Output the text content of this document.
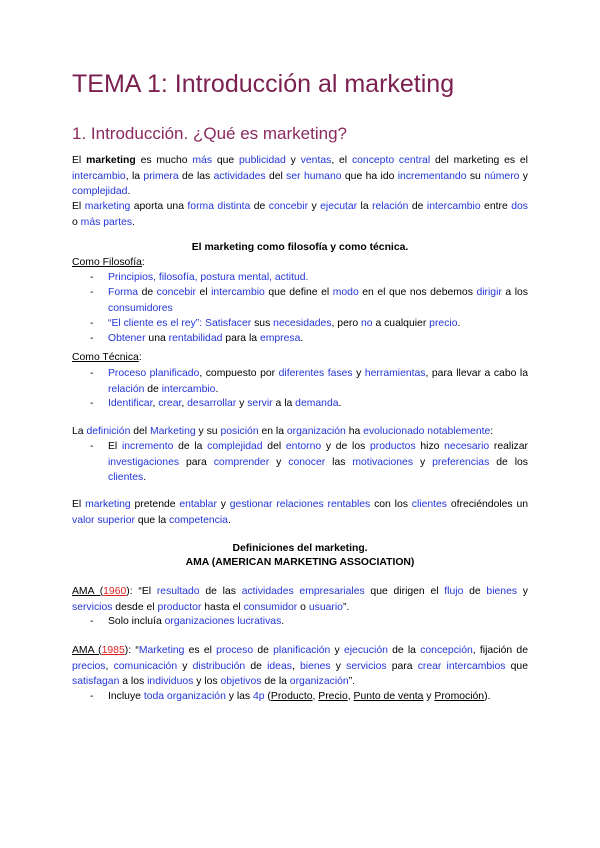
TEMA 1: Introducción al marketing
1. Introducción. ¿Qué es marketing?
El marketing es mucho más que publicidad y ventas, el concepto central del marketing es el intercambio, la primera de las actividades del ser humano que ha ido incrementando su número y complejidad.
El marketing aporta una forma distinta de concebir y ejecutar la relación de intercambio entre dos o más partes.
El marketing como filosofía y como técnica.
Como Filosofía:
- Principios, filosofía, postura mental, actitud.
- Forma de concebir el intercambio que define el modo en el que nos debemos dirigir a los consumidores
- “El cliente es el rey”: Satisfacer sus necesidades, pero no a cualquier precio.
- Obtener una rentabilidad para la empresa.
Como Técnica:
- Proceso planificado, compuesto por diferentes fases y herramientas, para llevar a cabo la relación de intercambio.
- Identificar, crear, desarrollar y servir a la demanda.
La definición del Marketing y su posición en la organización ha evolucionado notablemente:
- El incremento de la complejidad del entorno y de los productos hizo necesario realizar investigaciones para comprender y conocer las motivaciones y preferencias de los clientes.
El marketing pretende entablar y gestionar relaciones rentables con los clientes ofreciéndoles un valor superior que la competencia.
Definiciones del marketing.
AMA (AMERICAN MARKETING ASSOCIATION)
AMA (1960): “El resultado de las actividades empresariales que dirigen el flujo de bienes y servicios desde el productor hasta el consumidor o usuario”.
- Solo incluía organizaciones lucrativas.
AMA (1985): “Marketing es el proceso de planificación y ejecución de la concepción, fijación de precios, comunicación y distribución de ideas, bienes y servicios para crear intercambios que satisfagan a los individuos y los objetivos de la organización”.
- Incluye toda organización y las 4p (Producto, Precio, Punto de venta y Promoción).
